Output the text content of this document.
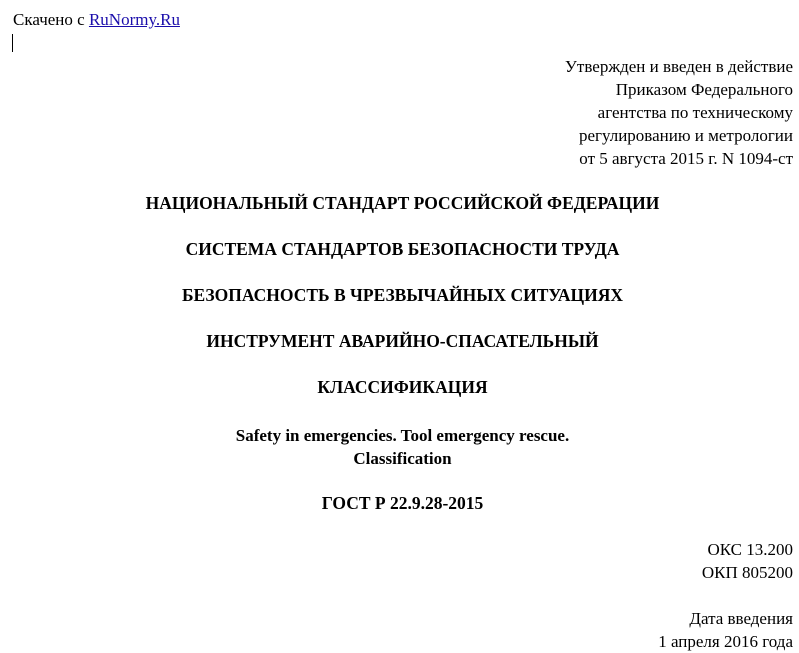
Скачено с RuNormy.Ru
Утвержден и введен в действие
Приказом Федерального
агентства по техническому
регулированию и метрологии
от 5 августа 2015 г. N 1094-ст
НАЦИОНАЛЬНЫЙ СТАНДАРТ РОССИЙСКОЙ ФЕДЕРАЦИИ
СИСТЕМА СТАНДАРТОВ БЕЗОПАСНОСТИ ТРУДА
БЕЗОПАСНОСТЬ В ЧРЕЗВЫЧАЙНЫХ СИТУАЦИЯХ
ИНСТРУМЕНТ АВАРИЙНО-СПАСАТЕЛЬНЫЙ
КЛАССИФИКАЦИЯ
Safety in emergencies. Tool emergency rescue.
Classification
ГОСТ Р 22.9.28-2015
ОКС 13.200
ОКП 805200
Дата введения
1 апреля 2016 года
